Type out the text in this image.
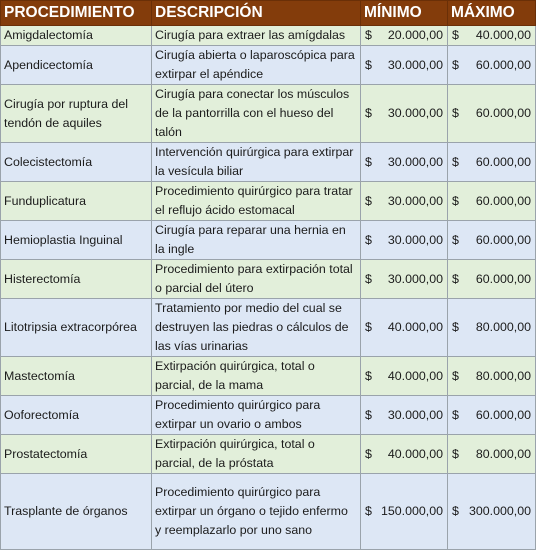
PROCEDIMIENTO	DESCRIPCIÓN	MÍNIMO	MÁXIMO
Amigdalectomía	Cirugía para extraer las amígdalas	$ 20.000,00	$ 40.000,00

Apendicectomía	Cirugía abierta o laparoscópica para extirpar el apéndice	$ 30.000,00	$ 60.000,00

Cirugía por ruptura del tendón de aquiles	Cirugía para conectar los músculos de la pantorrilla con el hueso del talón	$ 30.000,00	$ 60.000,00

Colecistectomía	Intervención quirúrgica para extirpar la vesícula biliar	$ 30.000,00	$ 60.000,00

Funduplicatura	Procedimiento quirúrgico para tratar el reflujo ácido estomacal	$ 30.000,00	$ 60.000,00

Hemioplastia Inguinal	Cirugía para reparar una hernia en la ingle	$ 30.000,00	$ 60.000,00

Histerectomía	Procedimiento para extirpación total o parcial del útero	$ 30.000,00	$ 60.000,00

Litotripsia extracorpórea	Tratamiento por medio del cual se destruyen las piedras o cálculos de las vías urinarias	$ 40.000,00	$ 80.000,00

Mastectomía	Extirpación quirúrgica, total o parcial, de la mama	$ 40.000,00	$ 80.000,00

Ooforectomía	Procedimiento quirúrgico para extirpar un ovario o ambos	$ 30.000,00	$ 60.000,00

Prostatectomía	Extirpación quirúrgica, total o parcial, de la próstata	$ 40.000,00	$ 80.000,00

Trasplante de órganos	Procedimiento quirúrgico para extirpar un órgano o tejido enfermo y reemplazarlo por uno sano	$ 150.000,00	$ 300.000,00
